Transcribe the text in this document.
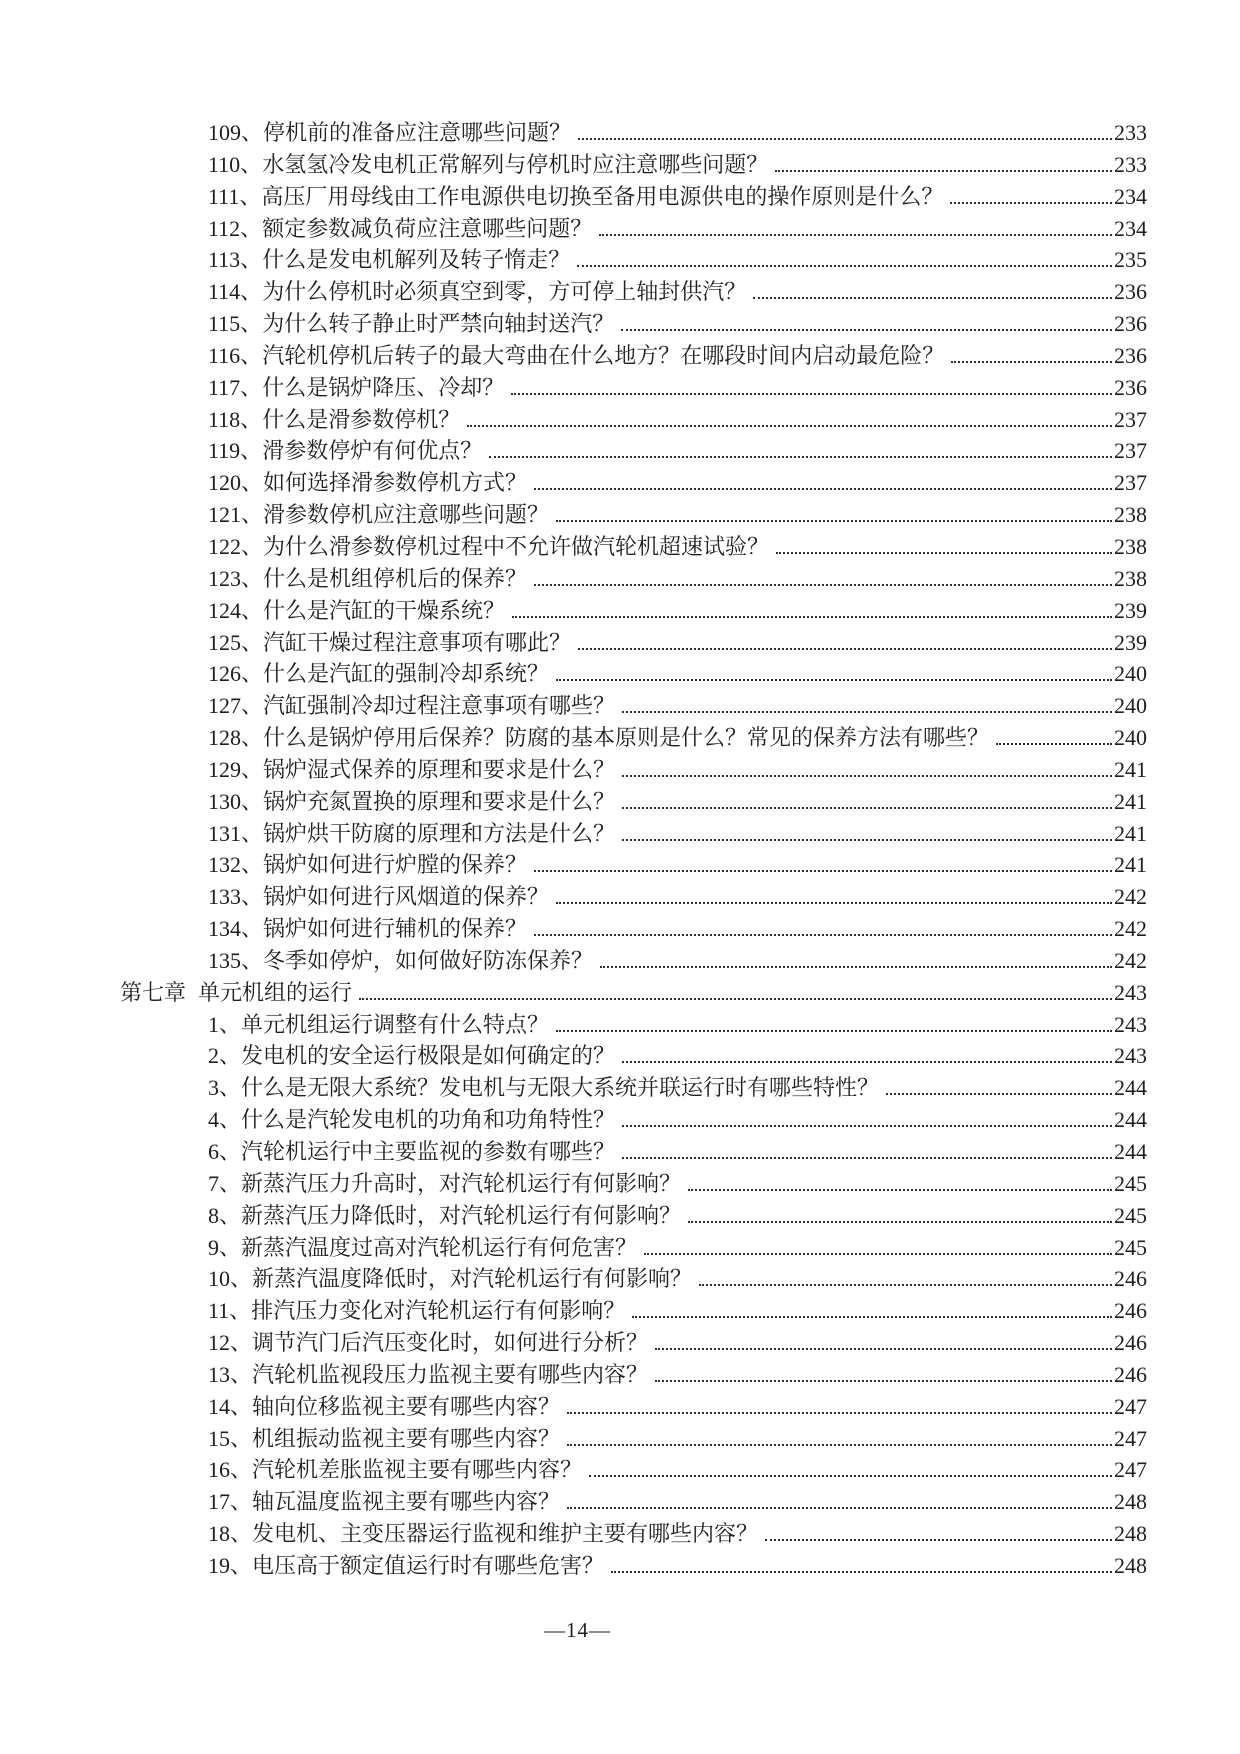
109、 停机前的准备应注意哪些问题？	233
110、 水氢氢冷发电机正常解列与停机时应注意哪些问题？	233
111、 高压厂用母线由工作电源供电切换至备用电源供电的操作原则是什么？	234
112、 额定参数减负荷应注意哪些问题？	234
113、 什么是发电机解列及转子惰走？	235
114、 为什么停机时必须真空到零，方可停上轴封供汽？	236
115、 为什么转子静止时严禁向轴封送汽？	236
116、 汽轮机停机后转子的最大弯曲在什么地方？在哪段时间内启动最危险？	236
117、 什么是锅炉降压、冷却？	236
118、 什么是滑参数停机？	237
119、 滑参数停炉有何优点？	237
120、 如何选择滑参数停机方式？	237
121、 滑参数停机应注意哪些问题？	238
122、 为什么滑参数停机过程中不允许做汽轮机超速试验？	238
123、 什么是机组停机后的保养？	238
124、 什么是汽缸的干燥系统？	239
125、 汽缸干燥过程注意事项有哪此？	239
126、 什么是汽缸的强制冷却系统？	240
127、 汽缸强制冷却过程注意事项有哪些？	240
128、 什么是锅炉停用后保养？防腐的基本原则是什么？常见的保养方法有哪些？	240
129、 锅炉湿式保养的原理和要求是什么？	241
130、 锅炉充氮置换的原理和要求是什么？	241
131、 锅炉烘干防腐的原理和方法是什么？	241
132、 锅炉如何进行炉膛的保养？	241
133、 锅炉如何进行风烟道的保养？	242
134、 锅炉如何进行辅机的保养？	242
135、 冬季如停炉，如何做好防冻保养？	242
第七章 单元机组的运行	243
1、 单元机组运行调整有什么特点？	243
2、 发电机的安全运行极限是如何确定的？	243
3、 什么是无限大系统？发电机与无限大系统并联运行时有哪些特性？	244
4、 什么是汽轮发电机的功角和功角特性？	244
6、 汽轮机运行中主要监视的参数有哪些？	244
7、 新蒸汽压力升高时，对汽轮机运行有何影响？	245
8、 新蒸汽压力降低时，对汽轮机运行有何影响？	245
9、 新蒸汽温度过高对汽轮机运行有何危害？	245
10、 新蒸汽温度降低时，对汽轮机运行有何影响？	246
11、 排汽压力变化对汽轮机运行有何影响？	246
12、 调节汽门后汽压变化时，如何进行分析？	246
13、 汽轮机监视段压力监视主要有哪些内容？	246
14、 轴向位移监视主要有哪些内容？	247
15、 机组振动监视主要有哪些内容？	247
16、 汽轮机差胀监视主要有哪些内容？	247
17、 轴瓦温度监视主要有哪些内容？	248
18、 发电机、主变压器运行监视和维护主要有哪些内容？	248
19、 电压高于额定值运行时有哪些危害？	248
—14—
